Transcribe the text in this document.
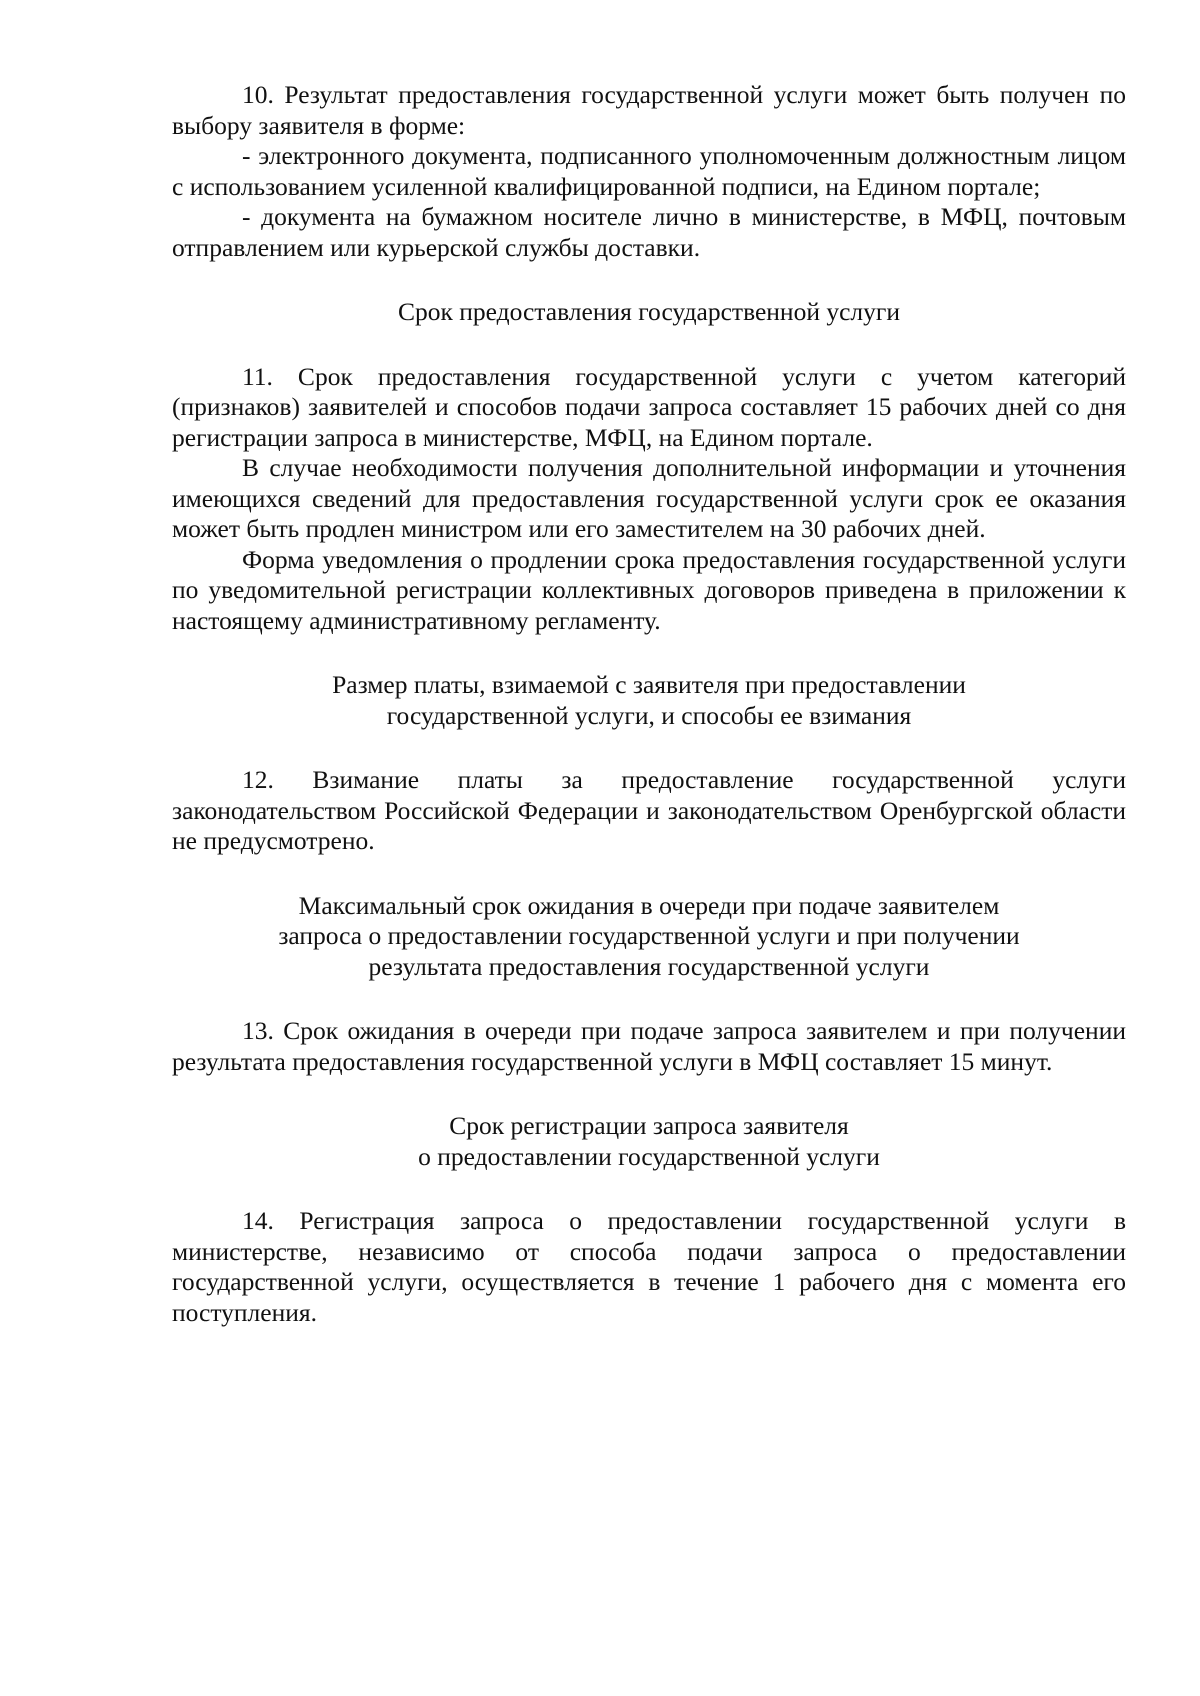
10. Результат предоставления государственной услуги может быть получен по выбору заявителя в форме:

- электронного документа, подписанного уполномоченным должностным лицом с использованием усиленной квалифицированной подписи, на Едином портале;

- документа на бумажном носителе лично в министерстве, в МФЦ, почтовым отправлением или курьерской службы доставки.

Срок предоставления государственной услуги

11. Срок предоставления государственной услуги с учетом категорий (признаков) заявителей и способов подачи запроса составляет 15 рабочих дней со дня регистрации запроса в министерстве, МФЦ, на Едином портале.

В случае необходимости получения дополнительной информации и уточнения имеющихся сведений для предоставления государственной услуги срок ее оказания может быть продлен министром или его заместителем на 30 рабочих дней.

Форма уведомления о продлении срока предоставления государственной услуги по уведомительной регистрации коллективных договоров приведена в приложении к настоящему административному регламенту.

Размер платы, взимаемой с заявителя при предоставлении

государственной услуги, и способы ее взимания

12. Взимание платы за предоставление государственной услуги законодательством Российской Федерации и законодательством Оренбургской области не предусмотрено.

Максимальный срок ожидания в очереди при подаче заявителем

запроса о предоставлении государственной услуги и при получении

результата предоставления государственной услуги

13. Срок ожидания в очереди при подаче запроса заявителем и при получении результата предоставления государственной услуги в МФЦ составляет 15 минут.

Срок регистрации запроса заявителя

о предоставлении государственной услуги

14. Регистрация запроса о предоставлении государственной услуги в министерстве, независимо от способа подачи запроса о предоставлении государственной услуги, осуществляется в течение 1 рабочего дня с момента его поступления.
